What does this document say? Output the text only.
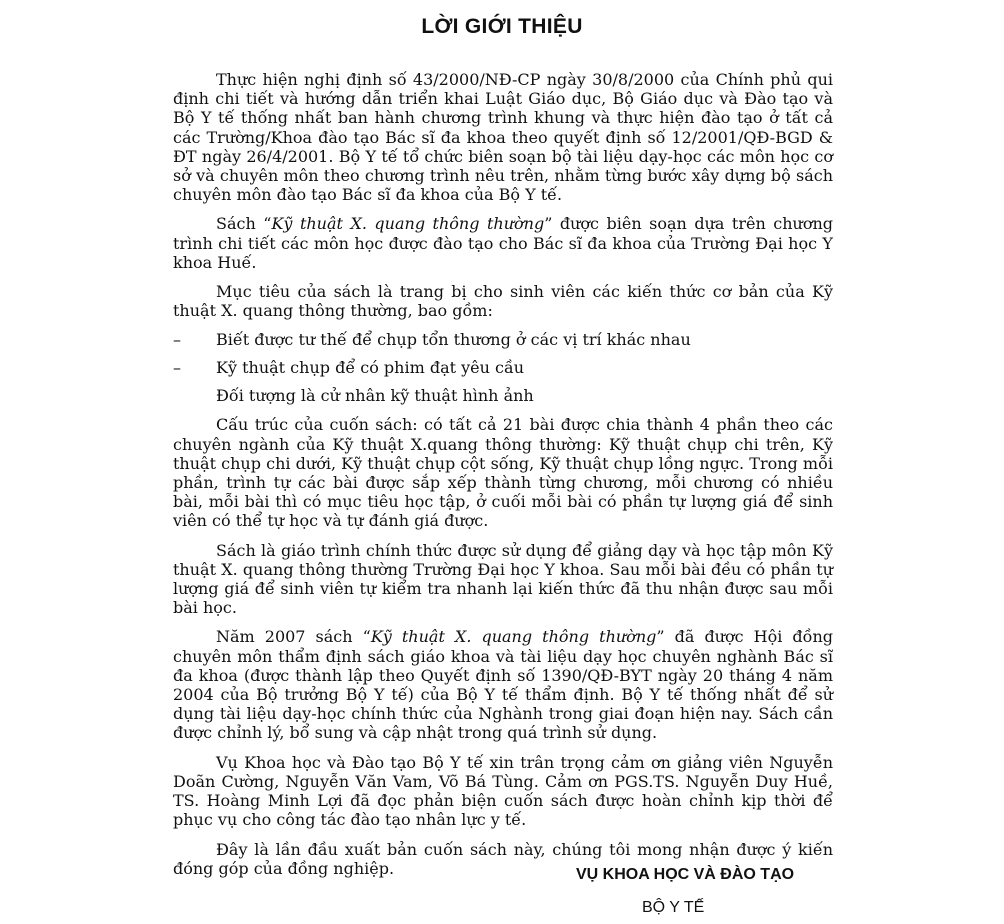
LỜI GIỚI THIỆU

Thực hiện nghị định số 43/2000/NĐ-CP ngày 30/8/2000 của Chính phủ qui định chi tiết và hướng dẫn triển khai Luật Giáo dục, Bộ Giáo dục và Đào tạo và Bộ Y tế thống nhất ban hành chương trình khung và thực hiện đào tạo ở tất cả các Trường/Khoa đào tạo Bác sĩ đa khoa theo quyết định số 12/2001/QĐ-BGD & ĐT ngày 26/4/2001. Bộ Y tế tổ chức biên soạn bộ tài liệu dạy-học các môn học cơ sở và chuyên môn theo chương trình nêu trên, nhằm từng bước xây dựng bộ sách chuyên môn đào tạo Bác sĩ đa khoa của Bộ Y tế.

Sách “Kỹ thuật X. quang thông thường” được biên soạn dựa trên chương trình chi tiết các môn học được đào tạo cho Bác sĩ đa khoa của Trường Đại học Y khoa Huế.

Mục tiêu của sách là trang bị cho sinh viên các kiến thức cơ bản của Kỹ thuật X. quang thông thường, bao gồm:

–	Biết được tư thế để chụp tổn thương ở các vị trí khác nhau
–	Kỹ thuật chụp để có phim đạt yêu cầu
Đối tượng là cử nhân kỹ thuật hình ảnh

Cấu trúc của cuốn sách: có tất cả 21 bài được chia thành 4 phần theo các chuyên ngành của Kỹ thuật X.quang thông thường: Kỹ thuật chụp chi trên, Kỹ thuật chụp chi dưới, Kỹ thuật chụp cột sống, Kỹ thuật chụp lồng ngực. Trong mỗi phần, trình tự các bài được sắp xếp thành từng chương, mỗi chương có nhiều bài, mỗi bài thì có mục tiêu học tập, ở cuối mỗi bài có phần tự lượng giá để sinh viên có thể tự học và tự đánh giá được.

Sách là giáo trình chính thức được sử dụng để giảng dạy và học tập môn Kỹ thuật X. quang thông thường Trường Đại học Y khoa. Sau mỗi bài đều có phần tự lượng giá để sinh viên tự kiểm tra nhanh lại kiến thức đã thu nhận được sau mỗi bài học.

Năm 2007 sách “Kỹ thuật X. quang thông thường” đã được Hội đồng chuyên môn thẩm định sách giáo khoa và tài liệu dạy học chuyên nghành Bác sĩ đa khoa (được thành lập theo Quyết định số 1390/QĐ-BYT ngày 20 tháng 4 năm 2004 của Bộ trưởng Bộ Y tế) của Bộ Y tế thẩm định. Bộ Y tế thống nhất để sử dụng tài liệu dạy-học chính thức của Nghành trong giai đoạn hiện nay. Sách cần được chỉnh lý, bổ sung và cập nhật trong quá trình sử dụng.

Vụ Khoa học và Đào tạo Bộ Y tế xin trân trọng cảm ơn giảng viên Nguyễn Doãn Cường, Nguyễn Văn Vam, Võ Bá Tùng. Cảm ơn PGS.TS. Nguyễn Duy Huề, TS. Hoàng Minh Lợi đã đọc phản biện cuốn sách được hoàn chỉnh kịp thời để phục vụ cho công tác đào tạo nhân lực y tế.

Đây là lần đầu xuất bản cuốn sách này, chúng tôi mong nhận được ý kiến đóng góp của đồng nghiệp.	VỤ KHOA HỌC VÀ ĐÀO TẠO
BỘ Y TẾ
